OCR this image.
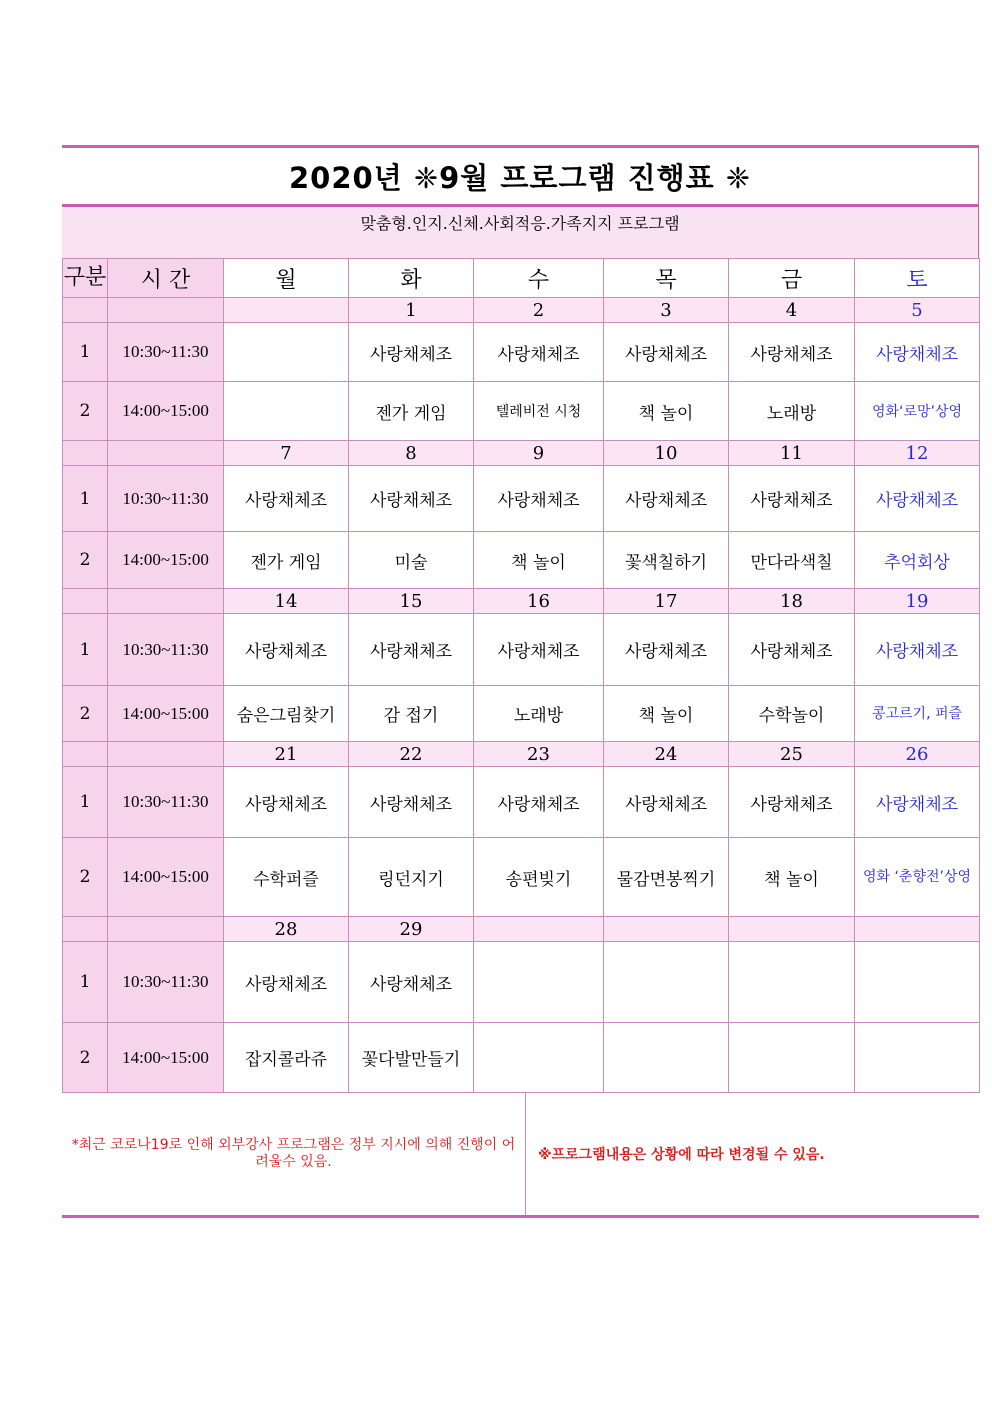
2020년 ❈9월 프로그램 진행표 ❈
맞춤형.인지.신체.사회적응.가족지지 프로그램
구분	시 간	월	화	수	목	금	토
			1	2	3	4	5
1	10:30~11:30		사랑채체조	사랑채체조	사랑채체조	사랑채체조	사랑채체조
2	14:00~15:00		젠가 게임	텔레비전 시청	책 놀이	노래방	영화‘로망’상영
		7	8	9	10	11	12
1	10:30~11:30	사랑채체조	사랑채체조	사랑채체조	사랑채체조	사랑채체조	사랑채체조
2	14:00~15:00	젠가 게임	미술	책 놀이	꽃색칠하기	만다라색칠	추억회상
		14	15	16	17	18	19
1	10:30~11:30	사랑채체조	사랑채체조	사랑채체조	사랑채체조	사랑채체조	사랑채체조
2	14:00~15:00	숨은그림찾기	감 접기	노래방	책 놀이	수학놀이	콩고르기, 퍼즐
		21	22	23	24	25	26
1	10:30~11:30	사랑채체조	사랑채체조	사랑채체조	사랑채체조	사랑채체조	사랑채체조
2	14:00~15:00	수학퍼즐	링던지기	송편빚기	물감면봉찍기	책 놀이	영화 ‘춘향전’상영
		28	29				
1	10:30~11:30	사랑채체조	사랑채체조				
2	14:00~15:00	잡지콜라쥬	꽃다발만들기				
*최근 코로나19로 인해 외부강사 프로그램은 정부 지시에 의해 진행이 어려울수 있음.	※프로그램내용은 상황에 따라 변경될 수 있음.
